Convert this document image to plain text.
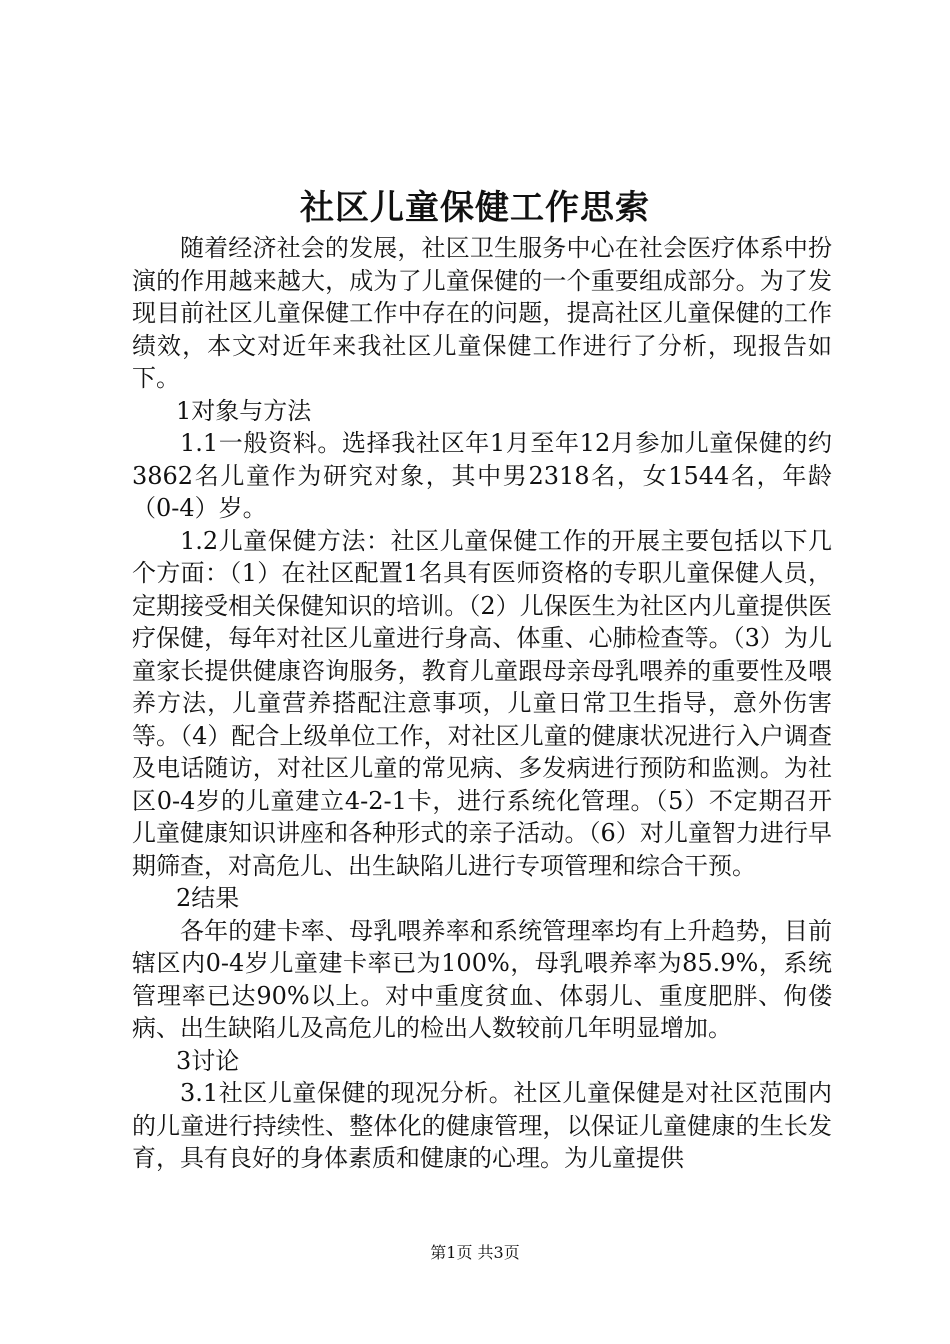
社区儿童保健工作思索

随着经济社会的发展，社区卫生服务中心在社会医疗体系中扮演的作用越来越大，成为了儿童保健的一个重要组成部分。为了发现目前社区儿童保健工作中存在的问题，提高社区儿童保健的工作绩效，本文对近年来我社区儿童保健工作进行了分析，现报告如下。

1对象与方法

1.1一般资料。选择我社区年1月至年12月参加儿童保健的约3862名儿童作为研究对象，其中男2318名，女1544名，年龄（0-4）岁。

1.2儿童保健方法：社区儿童保健工作的开展主要包括以下几个方面：（1）在社区配置1名具有医师资格的专职儿童保健人员，定期接受相关保健知识的培训。（2）儿保医生为社区内儿童提供医疗保健，每年对社区儿童进行身高、体重、心肺检查等。（3）为儿童家长提供健康咨询服务，教育儿童跟母亲母乳喂养的重要性及喂养方法，儿童营养搭配注意事项，儿童日常卫生指导，意外伤害等。（4）配合上级单位工作，对社区儿童的健康状况进行入户调查及电话随访，对社区儿童的常见病、多发病进行预防和监测。为社区0-4岁的儿童建立4-2-1卡，进行系统化管理。（5）不定期召开儿童健康知识讲座和各种形式的亲子活动。（6）对儿童智力进行早期筛查，对高危儿、出生缺陷儿进行专项管理和综合干预。

2结果

各年的建卡率、母乳喂养率和系统管理率均有上升趋势，目前辖区内0-4岁儿童建卡率已为100%，母乳喂养率为85.9%，系统管理率已达90%以上。对中重度贫血、体弱儿、重度肥胖、佝偻病、出生缺陷儿及高危儿的检出人数较前几年明显增加。

3讨论

3.1社区儿童保健的现况分析。社区儿童保健是对社区范围内的儿童进行持续性、整体化的健康管理，以保证儿童健康的生长发育，具有良好的身体素质和健康的心理。为儿童提供

第1页 共3页
